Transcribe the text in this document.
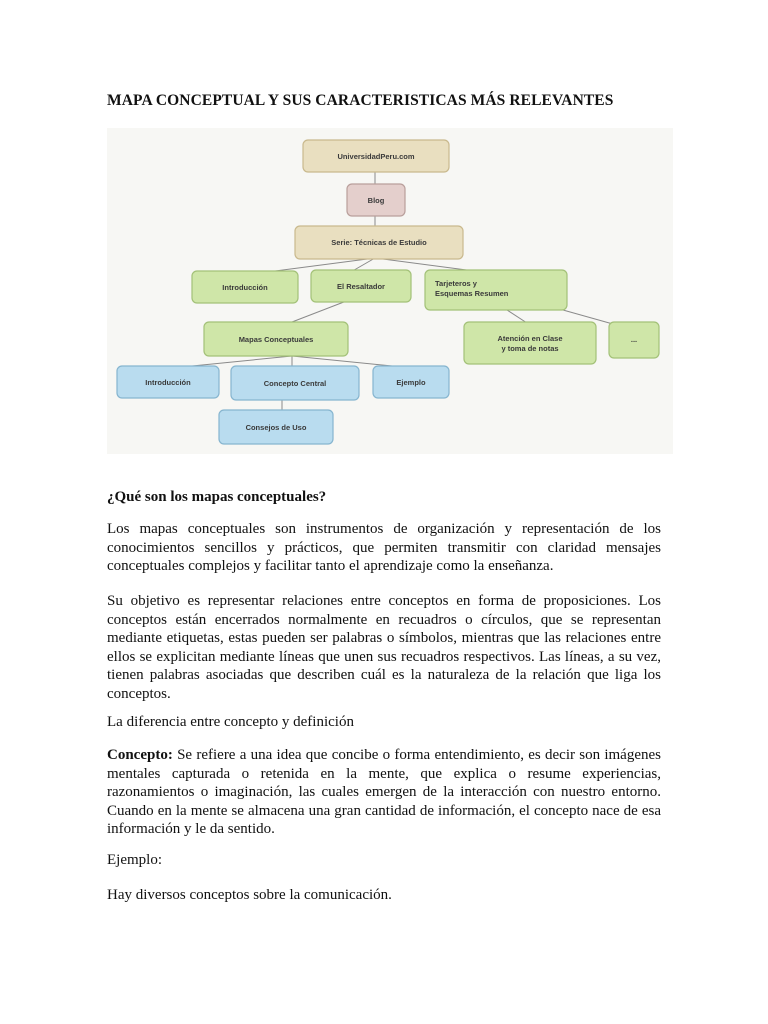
MAPA CONCEPTUAL Y SUS CARACTERISTICAS MÁS RELEVANTES
UniversidadPeru.com
Blog
Serie: Técnicas de Estudio
Introducción	El Resaltador	Tarjeteros y
Esquemas Resumen
Mapas Conceptuales	Atención en Clase
y toma de notas
...
Introducción	Concepto Central	Ejemplo
Consejos de Uso
¿Qué son los mapas conceptuales?
Los mapas conceptuales son instrumentos de organización y representación de los conocimientos sencillos y prácticos, que permiten transmitir con claridad mensajes conceptuales complejos y facilitar tanto el aprendizaje como la enseñanza.
Su objetivo es representar relaciones entre conceptos en forma de proposiciones. Los conceptos están encerrados normalmente en recuadros o círculos, que se representan mediante etiquetas, estas pueden ser palabras o símbolos, mientras que las relaciones entre ellos se explicitan mediante líneas que unen sus recuadros respectivos. Las líneas, a su vez, tienen palabras asociadas que describen cuál es la naturaleza de la relación que liga los conceptos.
La diferencia entre concepto y definición
Concepto: Se refiere a una idea que concibe o forma entendimiento, es decir son imágenes mentales capturada o retenida en la mente, que explica o resume experiencias, razonamientos o imaginación, las cuales emergen de la interacción con nuestro entorno. Cuando en la mente se almacena una gran cantidad de información, el concepto nace de esa información y le da sentido.
Ejemplo:
Hay diversos conceptos sobre la comunicación.
